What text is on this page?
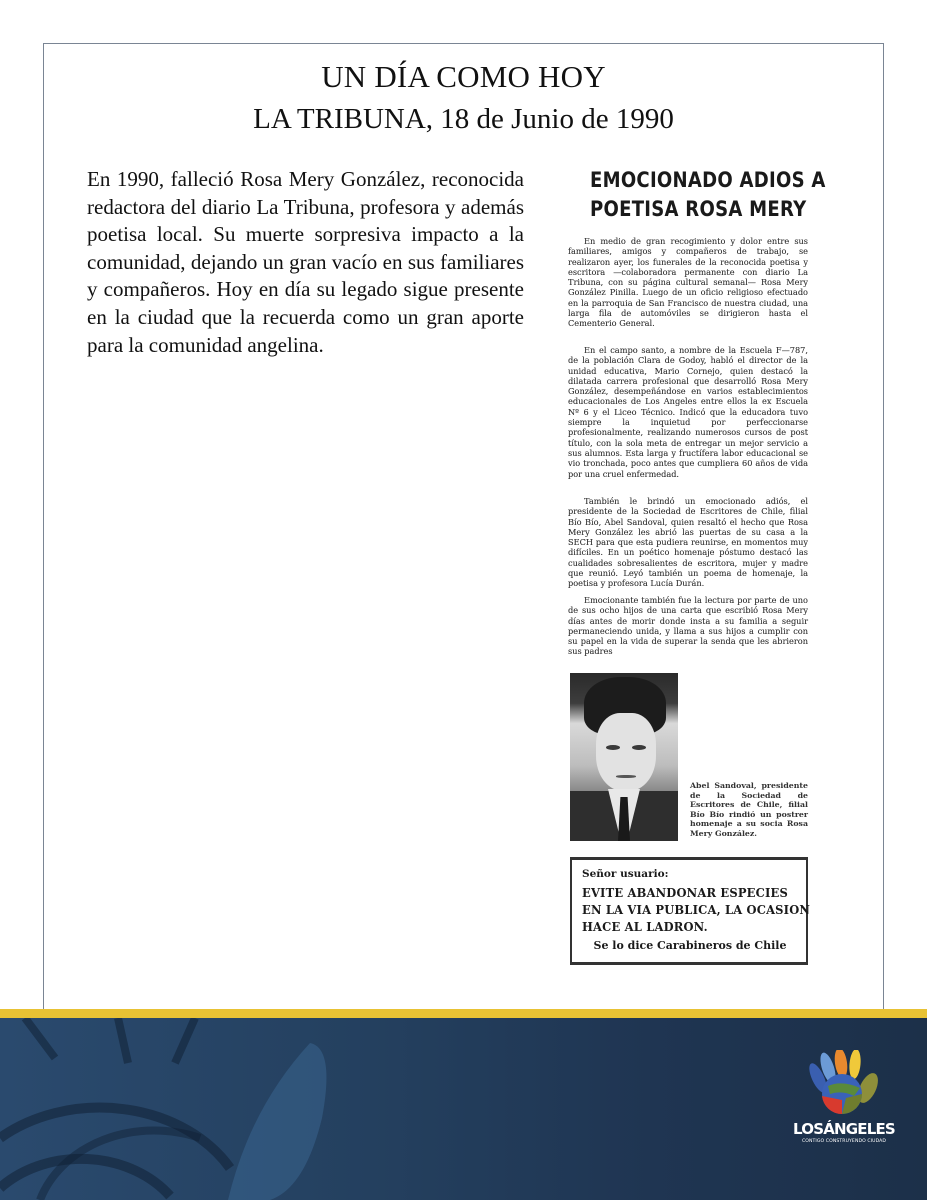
UN DÍA COMO HOY
LA TRIBUNA, 18 de Junio de 1990

En 1990, falleció Rosa Mery González, reconocida redactora del diario La Tribuna, profesora y además poetisa local. Su muerte sorpresiva impacto a la comunidad, dejando un gran vacío en sus familiares y compañeros. Hoy en día su legado sigue presente en la ciudad que la recuerda como un gran aporte para la comunidad angelina.

EMOCIONADO ADIOS A
POETISA ROSA MERY

En medio de gran recogimiento y dolor entre sus familiares, amigos y compañeros de trabajo, se realizaron ayer, los funerales de la reconocida poetisa y escritora —colaboradora permanente con diario La Tribuna, con su página cultural semanal— Rosa Mery González Pinilla. Luego de un oficio religioso efectuado en la parroquia de San Francisco de nuestra ciudad, una larga fila de automóviles se dirigieron hasta el Cementerio General.

En el campo santo, a nombre de la Escuela F—787, de la población Clara de Godoy, habló el director de la unidad educativa, Mario Cornejo, quien destacó la dilatada carrera profesional que desarrolló Rosa Mery González, desempeñándose en varios establecimientos educacionales de Los Angeles entre ellos la ex Escuela Nº 6 y el Liceo Técnico. Indicó que la educadora tuvo siempre la inquietud por perfeccionarse profesionalmente, realizando numerosos cursos de post título, con la sola meta de entregar un mejor servicio a sus alumnos. Esta larga y fructífera labor educacional se vio tronchada, poco antes que cumpliera 60 años de vida por una cruel enfermedad.

También le brindó un emocionado adiós, el presidente de la Sociedad de Escritores de Chile, filial Bío Bío, Abel Sandoval, quien resaltó el hecho que Rosa Mery González les abrió las puertas de su casa a la SECH para que esta pudiera reunirse, en momentos muy difíciles. En un poético homenaje póstumo destacó las cualidades sobresalientes de escritora, mujer y madre que reunió. Leyó también un poema de homenaje, la poetisa y profesora Lucía Durán.

Emocionante también fue la lectura por parte de uno de sus ocho hijos de una carta que escribió Rosa Mery días antes de morir donde insta a su familia a seguir permaneciendo unida, y llama a sus hijos a cumplir con su papel en la vida de superar la senda que les abrieron sus padres

Abel Sandoval, presidente de la Sociedad de Escritores de Chile, filial Bío Bío rindió un postrer homenaje a su socia Rosa Mery González.

Señor usuario:
EVITE ABANDONAR ESPECIES
EN LA VIA PUBLICA, LA OCASION
HACE AL LADRON.
Se lo dice Carabineros de Chile
LOSÁNGELES
CONTIGO CONSTRUYENDO CIUDAD
